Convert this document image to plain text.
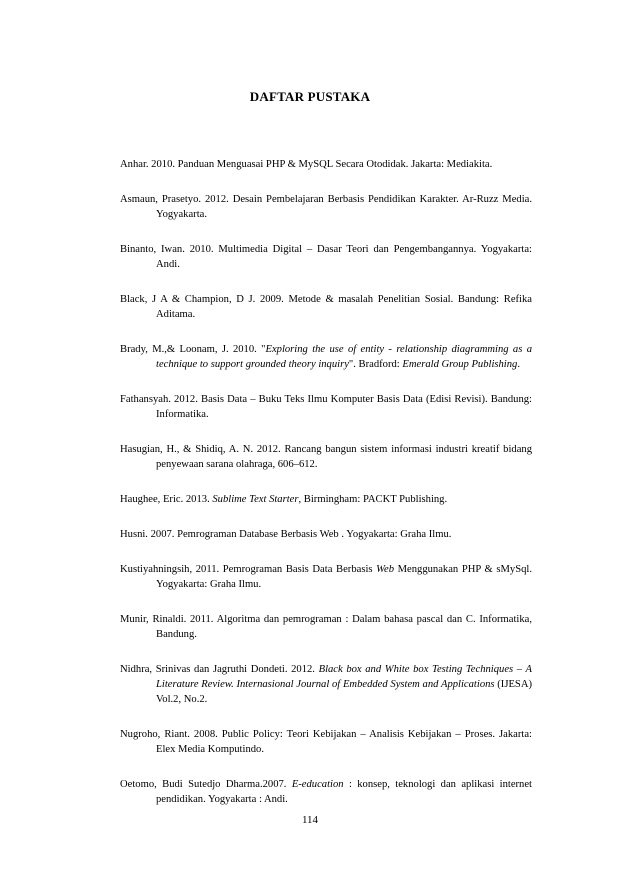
DAFTAR PUSTAKA

Anhar. 2010. Panduan Menguasai PHP & MySQL Secara Otodidak. Jakarta: Mediakita.

Asmaun, Prasetyo. 2012. Desain Pembelajaran Berbasis Pendidikan Karakter. Ar-Ruzz Media. Yogyakarta.

Binanto, Iwan. 2010. Multimedia Digital – Dasar Teori dan Pengembangannya. Yogyakarta: Andi.

Black, J A & Champion, D J. 2009. Metode & masalah Penelitian Sosial. Bandung: Refika Aditama.

Brady, M.,& Loonam, J. 2010. "Exploring the use of entity - relationship diagramming as a technique to support grounded theory inquiry". Bradford: Emerald Group Publishing.

Fathansyah. 2012. Basis Data – Buku Teks Ilmu Komputer Basis Data (Edisi Revisi). Bandung: Informatika.

Hasugian, H., & Shidiq, A. N. 2012. Rancang bangun sistem informasi industri kreatif bidang penyewaan sarana olahraga, 606–612.

Haughee, Eric. 2013. Sublime Text Starter, Birmingham: PACKT Publishing.

Husni. 2007. Pemrograman Database Berbasis Web . Yogyakarta: Graha Ilmu.

Kustiyahningsih, 2011. Pemrograman Basis Data Berbasis Web Menggunakan PHP & sMySql. Yogyakarta: Graha Ilmu.

Munir, Rinaldi. 2011. Algoritma dan pemrograman : Dalam bahasa pascal dan C. Informatika, Bandung.

Nidhra, Srinivas dan Jagruthi Dondeti. 2012. Black box and White box Testing Techniques – A Literature Review. Internasional Journal of Embedded System and Applications (IJESA) Vol.2, No.2.

Nugroho, Riant. 2008. Public Policy: Teori Kebijakan – Analisis Kebijakan – Proses. Jakarta: Elex Media Komputindo.

Oetomo, Budi Sutedjo Dharma.2007. E-education : konsep, teknologi dan aplikasi internet pendidikan. Yogyakarta : Andi.

114
